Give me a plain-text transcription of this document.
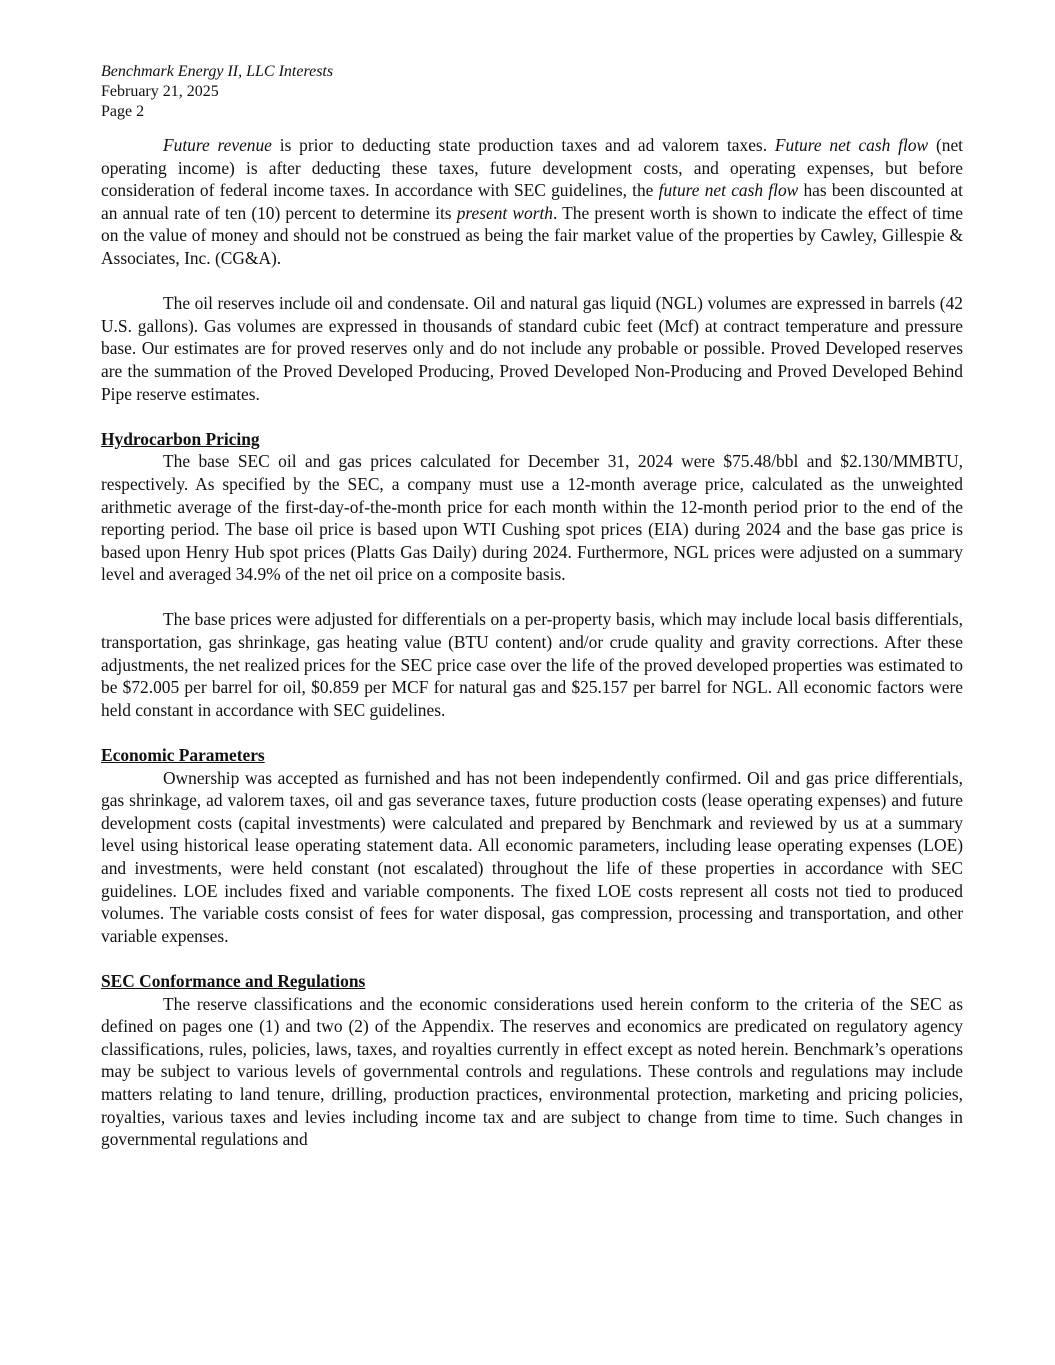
Benchmark Energy II, LLC Interests
February 21, 2025
Page 2

Future revenue is prior to deducting state production taxes and ad valorem taxes. Future net cash flow (net operating income) is after deducting these taxes, future development costs, and operating expenses, but before consideration of federal income taxes. In accordance with SEC guidelines, the future net cash flow has been discounted at an annual rate of ten (10) percent to determine its present worth. The present worth is shown to indicate the effect of time on the value of money and should not be construed as being the fair market value of the properties by Cawley, Gillespie & Associates, Inc. (CG&A).

The oil reserves include oil and condensate. Oil and natural gas liquid (NGL) volumes are expressed in barrels (42 U.S. gallons). Gas volumes are expressed in thousands of standard cubic feet (Mcf) at contract temperature and pressure base. Our estimates are for proved reserves only and do not include any probable or possible. Proved Developed reserves are the summation of the Proved Developed Producing, Proved Developed Non-Producing and Proved Developed Behind Pipe reserve estimates.

Hydrocarbon Pricing

The base SEC oil and gas prices calculated for December 31, 2024 were $75.48/bbl and $2.130/MMBTU, respectively. As specified by the SEC, a company must use a 12-month average price, calculated as the unweighted arithmetic average of the first-day-of-the-month price for each month within the 12-month period prior to the end of the reporting period. The base oil price is based upon WTI Cushing spot prices (EIA) during 2024 and the base gas price is based upon Henry Hub spot prices (Platts Gas Daily) during 2024. Furthermore, NGL prices were adjusted on a summary level and averaged 34.9% of the net oil price on a composite basis.

The base prices were adjusted for differentials on a per-property basis, which may include local basis differentials, transportation, gas shrinkage, gas heating value (BTU content) and/or crude quality and gravity corrections. After these adjustments, the net realized prices for the SEC price case over the life of the proved developed properties was estimated to be $72.005 per barrel for oil, $0.859 per MCF for natural gas and $25.157 per barrel for NGL. All economic factors were held constant in accordance with SEC guidelines.

Economic Parameters

Ownership was accepted as furnished and has not been independently confirmed. Oil and gas price differentials, gas shrinkage, ad valorem taxes, oil and gas severance taxes, future production costs (lease operating expenses) and future development costs (capital investments) were calculated and prepared by Benchmark and reviewed by us at a summary level using historical lease operating statement data. All economic parameters, including lease operating expenses (LOE) and investments, were held constant (not escalated) throughout the life of these properties in accordance with SEC guidelines. LOE includes fixed and variable components. The fixed LOE costs represent all costs not tied to produced volumes. The variable costs consist of fees for water disposal, gas compression, processing and transportation, and other variable expenses.

SEC Conformance and Regulations

The reserve classifications and the economic considerations used herein conform to the criteria of the SEC as defined on pages one (1) and two (2) of the Appendix. The reserves and economics are predicated on regulatory agency classifications, rules, policies, laws, taxes, and royalties currently in effect except as noted herein. Benchmark’s operations may be subject to various levels of governmental controls and regulations. These controls and regulations may include matters relating to land tenure, drilling, production practices, environmental protection, marketing and pricing policies, royalties, various taxes and levies including income tax and are subject to change from time to time. Such changes in governmental regulations and
